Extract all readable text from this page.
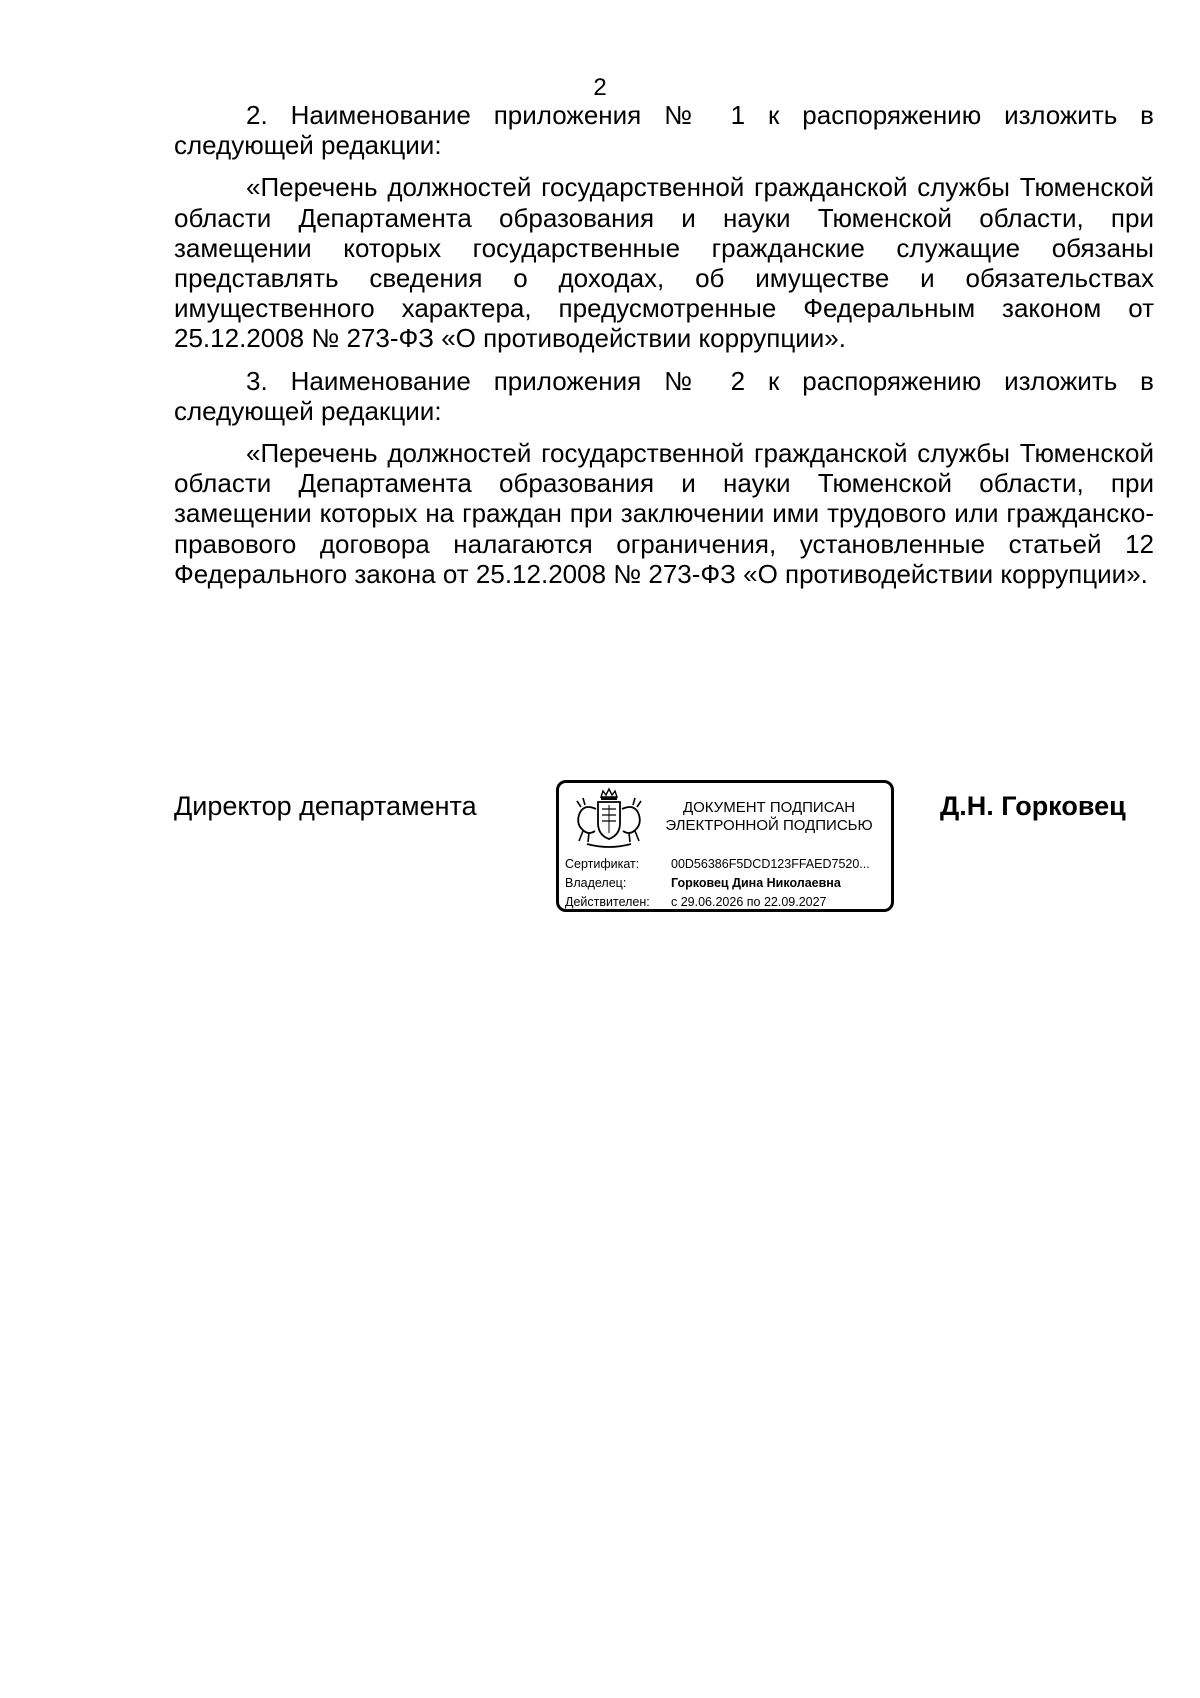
2

2. Наименование приложения № 1 к распоряжению изложить в следующей редакции:

«Перечень должностей государственной гражданской службы Тюменской области Департамента образования и науки Тюменской области, при замещении которых государственные гражданские служащие обязаны представлять сведения о доходах, об имуществе и обязательствах имущественного характера, предусмотренные Федеральным законом от 25.12.2008 № 273-ФЗ «О противодействии коррупции».

3. Наименование приложения № 2 к распоряжению изложить в следующей редакции:

«Перечень должностей государственной гражданской службы Тюменской области Департамента образования и науки Тюменской области, при замещении которых на граждан при заключении ими трудового или гражданско-правового договора налагаются ограничения, установленные статьей 12 Федерального закона от 25.12.2008 № 273-ФЗ «О противодействии коррупции».

Директор департамента	ДОКУМЕНТ ПОДПИСАН
ЭЛЕКТРОННОЙ ПОДПИСЬЮ
Сертификат:	00D56386F5DCD123FFAED7520...
Владелец:	Горковец Дина Николаевна
Действителен:	с 29.06.2026 по 22.09.2027
Д.Н. Горковец
